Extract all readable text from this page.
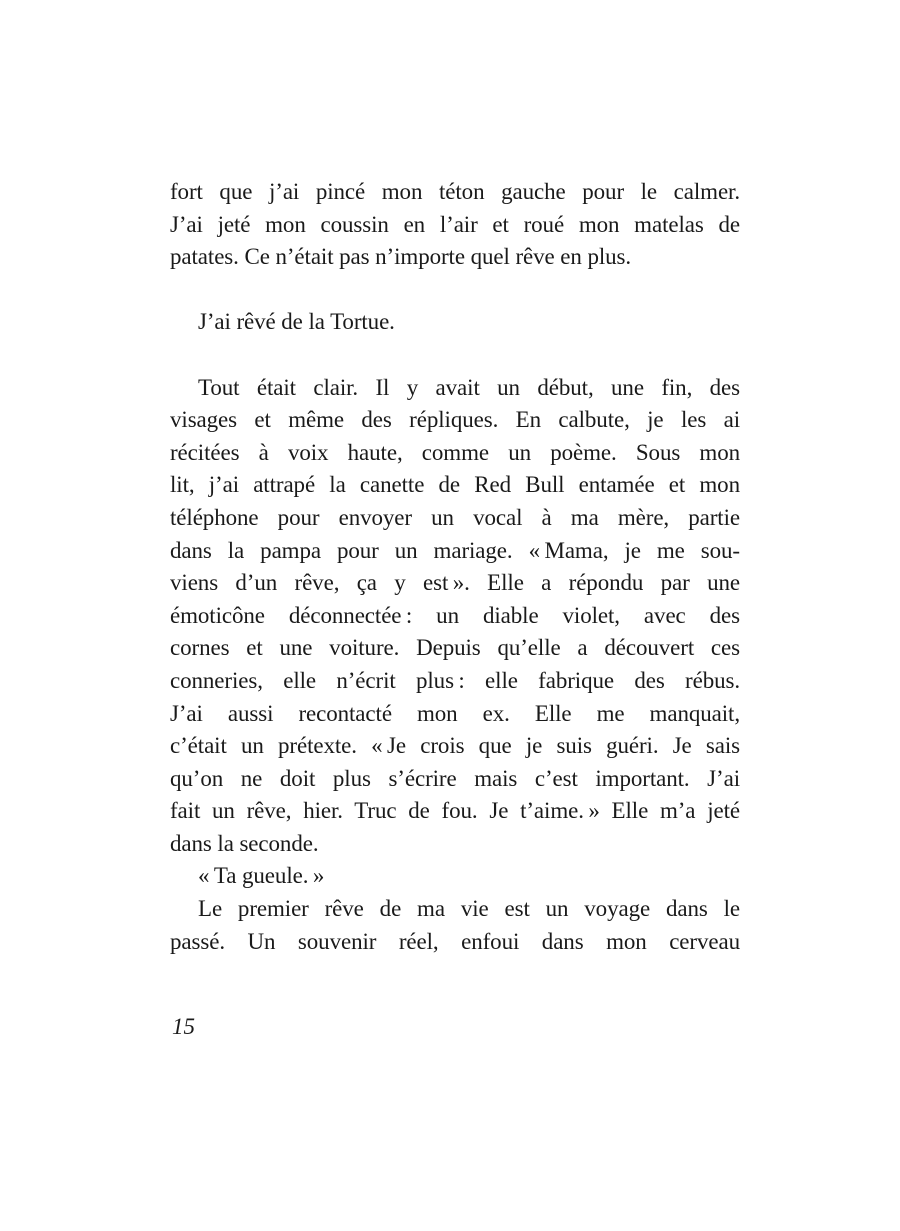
fort que j’ai pincé mon téton gauche pour le calmer.
J’ai jeté mon coussin en l’air et roué mon matelas de
patates. Ce n’était pas n’importe quel rêve en plus.
J’ai rêvé de la Tortue.
Tout était clair. Il y avait un début, une fin, des
visages et même des répliques. En calbute, je les ai
récitées à voix haute, comme un poème. Sous mon
lit, j’ai attrapé la canette de Red Bull entamée et mon
téléphone pour envoyer un vocal à ma mère, partie
dans la pampa pour un mariage. « Mama, je me sou-
viens d’un rêve, ça y est ». Elle a répondu par une
émoticône déconnectée : un diable violet, avec des
cornes et une voiture. Depuis qu’elle a découvert ces
conneries, elle n’écrit plus : elle fabrique des rébus.
J’ai aussi recontacté mon ex. Elle me manquait,
c’était un prétexte. « Je crois que je suis guéri. Je sais
qu’on ne doit plus s’écrire mais c’est important. J’ai
fait un rêve, hier. Truc de fou. Je t’aime. » Elle m’a jeté
dans la seconde.
« Ta gueule. »
Le premier rêve de ma vie est un voyage dans le
passé. Un souvenir réel, enfoui dans mon cerveau
15
